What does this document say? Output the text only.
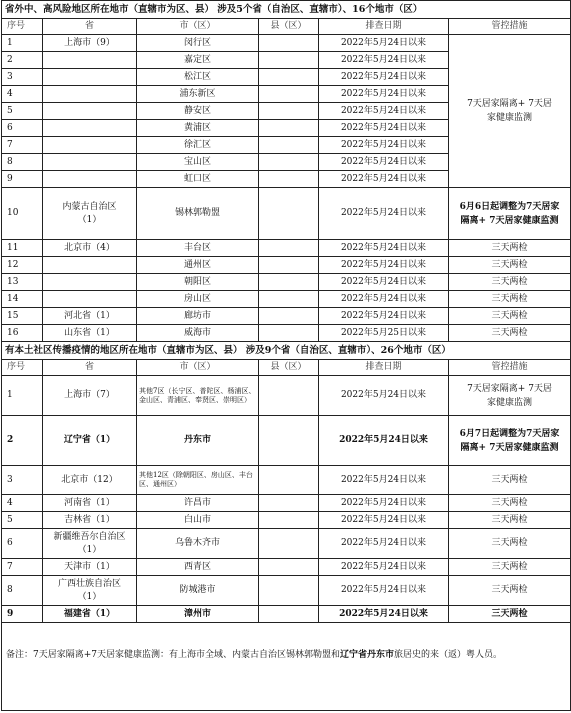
省外中、高风险地区所在地市（直辖市为区、县） 涉及5个省（自治区、直辖市）、16个地市（区）					
序号	省	市（区）	县（区）	排查日期	管控措施
1	上海市（9）	闵行区		2022年5月24日以来	7天居家隔离+ 7天居家健康监测
2		嘉定区		2022年5月24日以来	
3		松江区		2022年5月24日以来	
4		浦东新区		2022年5月24日以来	
5		静安区		2022年5月24日以来	
6		黄浦区		2022年5月24日以来	
7		徐汇区		2022年5月24日以来	
8		宝山区		2022年5月24日以来	
9		虹口区		2022年5月24日以来	
10	内蒙古自治区（1）	锡林郭勒盟		2022年5月24日以来	6月6日起调整为7天居家隔离+ 7天居家健康监测
11	北京市（4）	丰台区		2022年5月24日以来	三天两检
12		通州区		2022年5月24日以来	三天两检
13		朝阳区		2022年5月24日以来	三天两检
14		房山区		2022年5月24日以来	三天两检
15	河北省（1）	廊坊市		2022年5月24日以来	三天两检
16	山东省（1）	威海市		2022年5月25日以来	三天两检
有本土社区传播疫情的地区所在地市（直辖市为区、县） 涉及9个省（自治区、直辖市）、26个地市（区）					
序号	省	市（区）	县（区）	排查日期	管控措施
1	上海市（7）	其他7区（长宁区、普陀区、杨浦区、金山区、青浦区、奉贤区、崇明区）		2022年5月24日以来	7天居家隔离+ 7天居家健康监测
2	辽宁省（1）	丹东市		2022年5月24日以来	6月7日起调整为7天居家隔离+ 7天居家健康监测
3	北京市（12）	其他12区（除朝阳区、房山区、丰台区、通州区）		2022年5月24日以来	三天两检
4	河南省（1）	许昌市		2022年5月24日以来	三天两检
5	吉林省（1）	白山市		2022年5月24日以来	三天两检
6	新疆维吾尔自治区（1）	乌鲁木齐市		2022年5月24日以来	三天两检
7	天津市（1）	西青区		2022年5月24日以来	三天两检
8	广西壮族自治区（1）	防城港市		2022年5月24日以来	三天两检
9	福建省（1）	漳州市		2022年5月24日以来	三天两检
备注：7天居家隔离+7天居家健康监测：有上海市全域、内蒙古自治区锡林郭勒盟和辽宁省丹东市旅居史的来（返）粤人员。					
